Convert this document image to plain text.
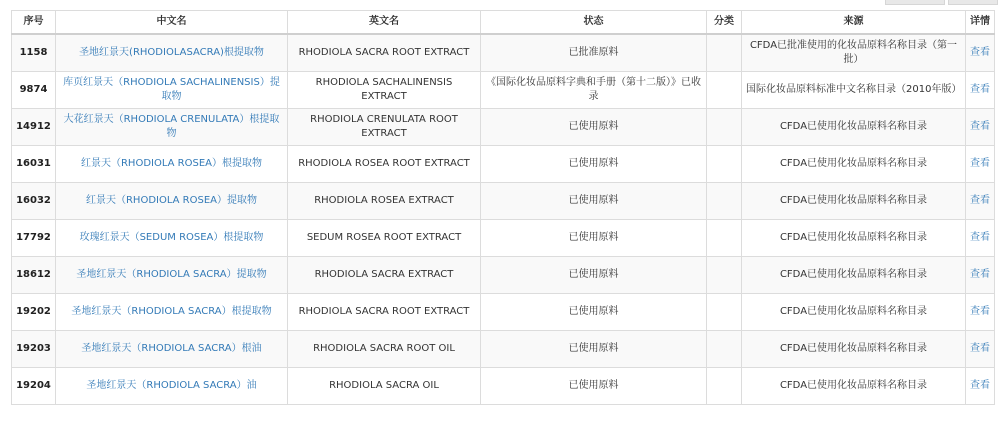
序号	中文名	英文名	状态	分类	来源	详情
1158	圣地红景天(RHODIOLASACRA)根提取物	RHODIOLA SACRA ROOT EXTRACT	已批准原料		CFDA已批准使用的化妆品原料名称目录（第一批）	查看
9874	库页红景天（RHODIOLA SACHALINENSIS）提取物	RHODIOLA SACHALINENSIS EXTRACT	《国际化妆品原料字典和手册（第十二版）》已收录		国际化妆品原料标准中文名称目录（2010年版）	查看
14912	大花红景天（RHODIOLA CRENULATA）根提取物	RHODIOLA CRENULATA ROOT EXTRACT	已使用原料		CFDA已使用化妆品原料名称目录	查看
16031	红景天（RHODIOLA ROSEA）根提取物	RHODIOLA ROSEA ROOT EXTRACT	已使用原料		CFDA已使用化妆品原料名称目录	查看
16032	红景天（RHODIOLA ROSEA）提取物	RHODIOLA ROSEA EXTRACT	已使用原料		CFDA已使用化妆品原料名称目录	查看
17792	玫瑰红景天（SEDUM ROSEA）根提取物	SEDUM ROSEA ROOT EXTRACT	已使用原料		CFDA已使用化妆品原料名称目录	查看
18612	圣地红景天（RHODIOLA SACRA）提取物	RHODIOLA SACRA EXTRACT	已使用原料		CFDA已使用化妆品原料名称目录	查看
19202	圣地红景天（RHODIOLA SACRA）根提取物	RHODIOLA SACRA ROOT EXTRACT	已使用原料		CFDA已使用化妆品原料名称目录	查看
19203	圣地红景天（RHODIOLA SACRA）根油	RHODIOLA SACRA ROOT OIL	已使用原料		CFDA已使用化妆品原料名称目录	查看
19204	圣地红景天（RHODIOLA SACRA）油	RHODIOLA SACRA OIL	已使用原料		CFDA已使用化妆品原料名称目录	查看
